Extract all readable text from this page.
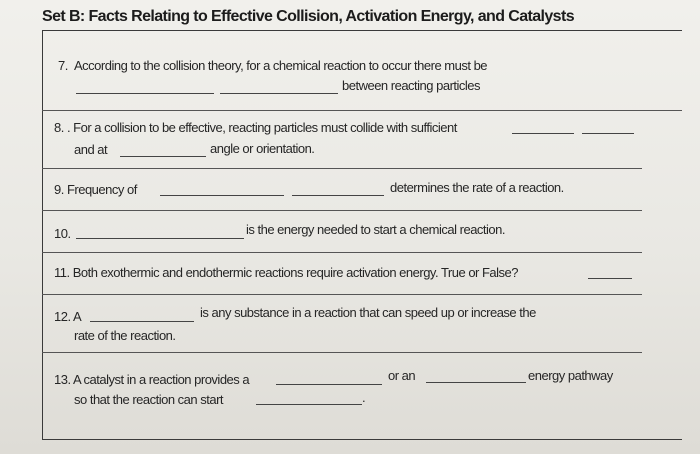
Set B: Facts Relating to Effective Collision, Activation Energy, and Catalysts
7. According to the collision theory, for a chemical reaction to occur there must be
between reacting particles
8. . For a collision to be effective, reacting particles must collide with sufficient
and at	angle or orientation.
9. Frequency of	determines the rate of a reaction.
10.	is the energy needed to start a chemical reaction.
11. Both exothermic and endothermic reactions require activation energy. True or False?
12. A	is any substance in a reaction that can speed up or increase the
rate of the reaction.
13. A catalyst in a reaction provides a	or an	energy pathway
so that the reaction can start	.
